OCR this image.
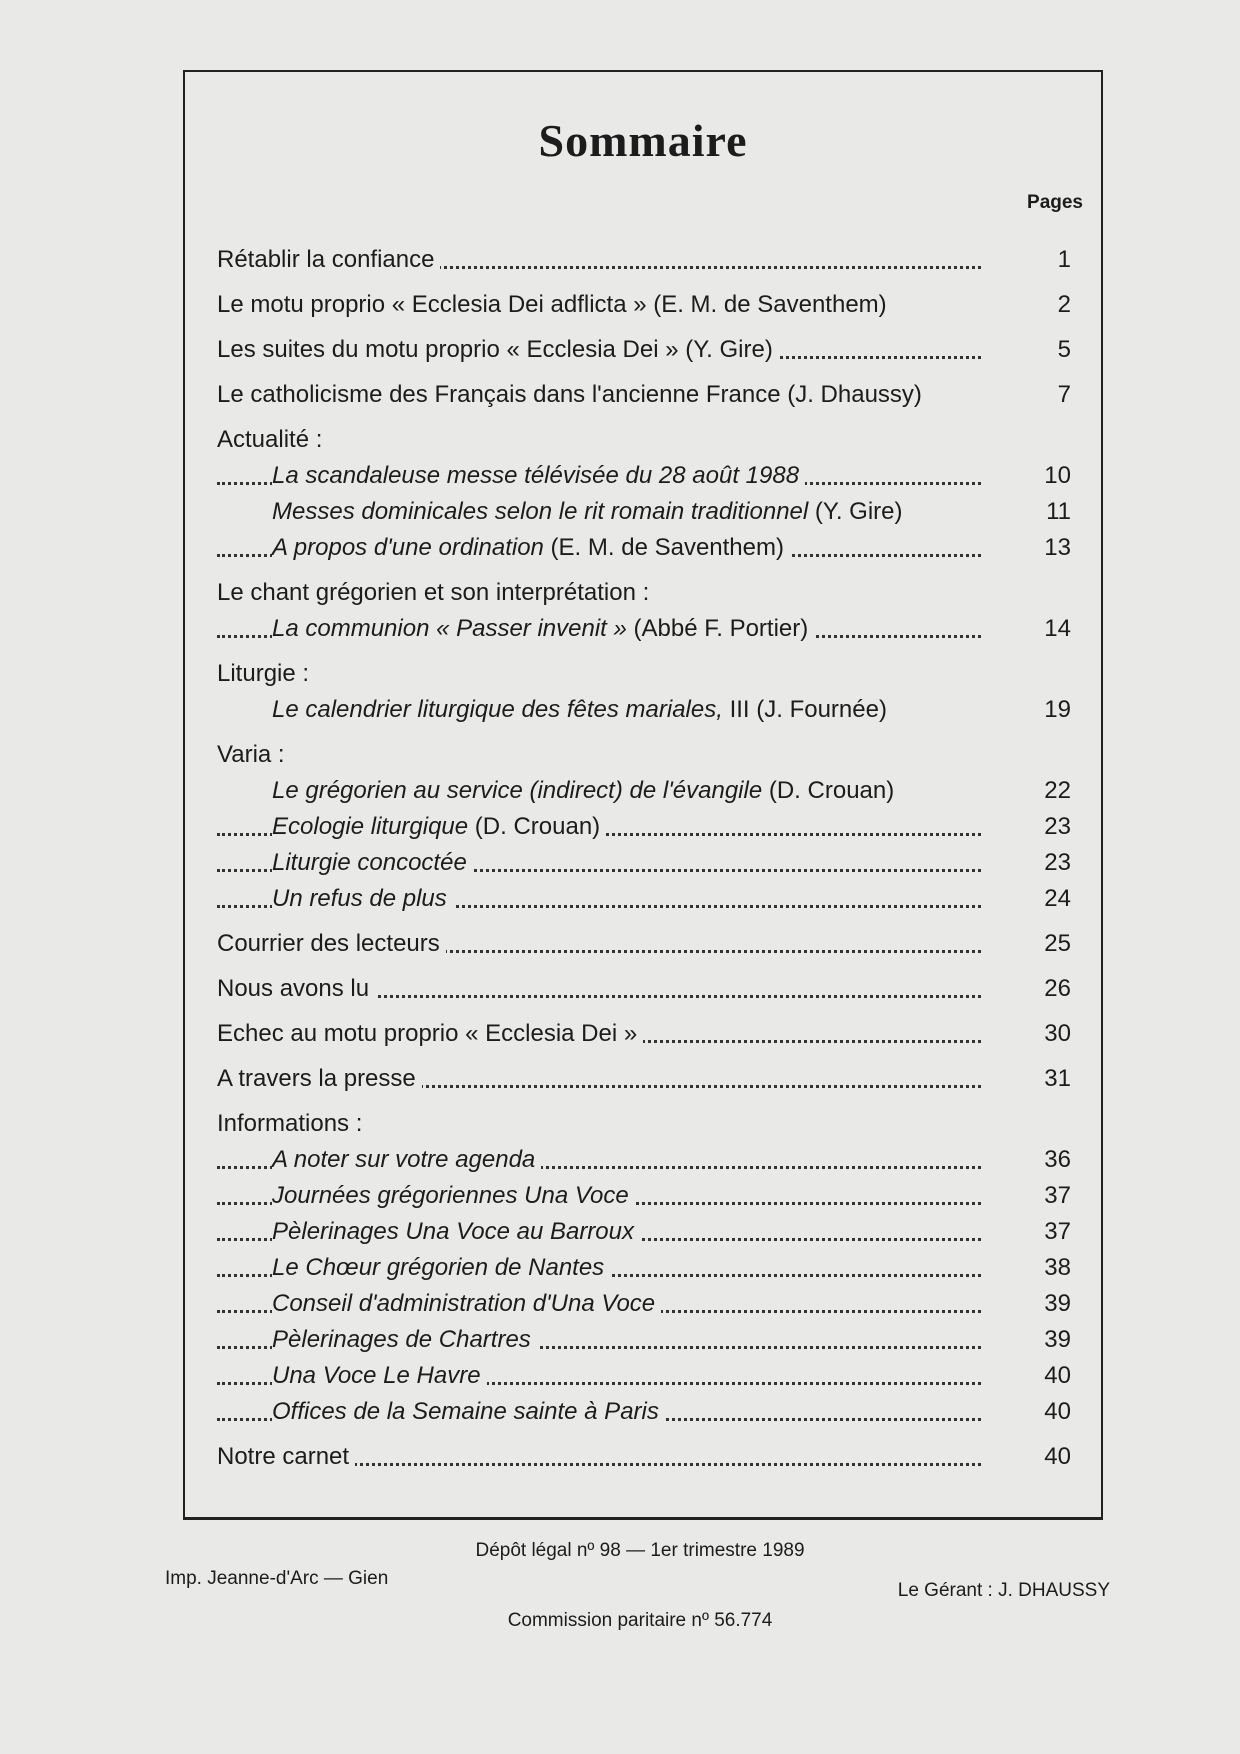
Sommaire
Pages
Rétablir la confiance	1
Le motu proprio « Ecclesia Dei adflicta » (E. M. de Saventhem)	2
Les suites du motu proprio « Ecclesia Dei » (Y. Gire)	5
Le catholicisme des Français dans l'ancienne France (J. Dhaussy)	7
Actualité :
La scandaleuse messe télévisée du 28 août 1988	10
Messes dominicales selon le rit romain traditionnel (Y. Gire)	11
A propos d'une ordination (E. M. de Saventhem)	13
Le chant grégorien et son interprétation :
La communion « Passer invenit » (Abbé F. Portier)	14
Liturgie :
Le calendrier liturgique des fêtes mariales, III (J. Fournée)	19
Varia :
Le grégorien au service (indirect) de l'évangile (D. Crouan)	22
Ecologie liturgique (D. Crouan)	23
Liturgie concoctée	23
Un refus de plus	24
Courrier des lecteurs	25
Nous avons lu	26
Echec au motu proprio « Ecclesia Dei »	30
A travers la presse	31
Informations :
A noter sur votre agenda	36
Journées grégoriennes Una Voce	37
Pèlerinages Una Voce au Barroux	37
Le Chœur grégorien de Nantes	38
Conseil d'administration d'Una Voce	39
Pèlerinages de Chartres	39
Una Voce Le Havre	40
Offices de la Semaine sainte à Paris	40
Notre carnet	40
Dépôt légal nº 98 — 1er trimestre 1989
Imp. Jeanne-d'Arc — Gien
Le Gérant : J. DHAUSSY
Commission paritaire nº 56.774
